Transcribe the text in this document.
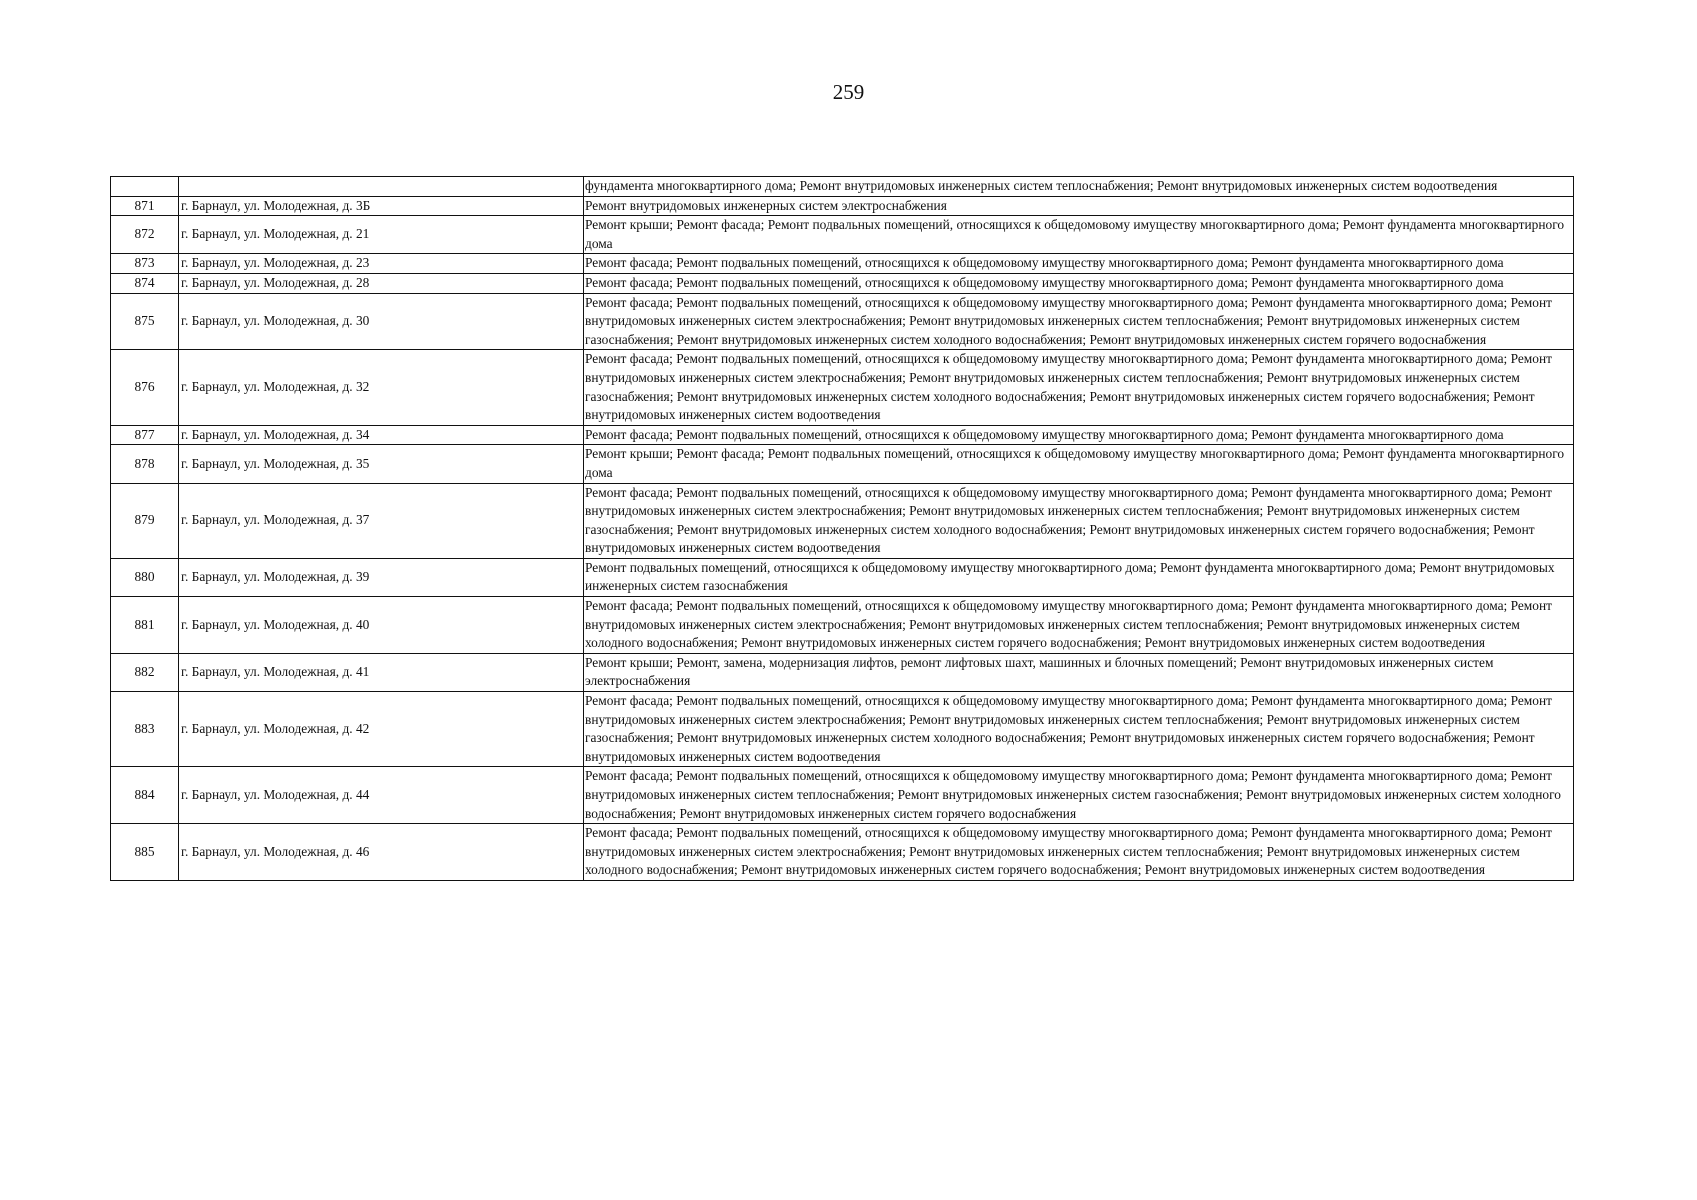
259
		фундамента многоквартирного дома; Ремонт внутридомовых инженерных систем теплоснабжения; Ремонт внутридомовых инженерных систем водоотведения
871	г. Барнаул, ул. Молодежная, д. 3Б	Ремонт внутридомовых инженерных систем электроснабжения
872	г. Барнаул, ул. Молодежная, д. 21	Ремонт крыши; Ремонт фасада; Ремонт подвальных помещений, относящихся к общедомовому имуществу многоквартирного дома; Ремонт фундамента многоквартирного дома
873	г. Барнаул, ул. Молодежная, д. 23	Ремонт фасада; Ремонт подвальных помещений, относящихся к общедомовому имуществу многоквартирного дома; Ремонт фундамента многоквартирного дома
874	г. Барнаул, ул. Молодежная, д. 28	Ремонт фасада; Ремонт подвальных помещений, относящихся к общедомовому имуществу многоквартирного дома; Ремонт фундамента многоквартирного дома
875	г. Барнаул, ул. Молодежная, д. 30	Ремонт фасада; Ремонт подвальных помещений, относящихся к общедомовому имуществу многоквартирного дома; Ремонт фундамента многоквартирного дома; Ремонт внутридомовых инженерных систем электроснабжения; Ремонт внутридомовых инженерных систем теплоснабжения; Ремонт внутридомовых инженерных систем газоснабжения; Ремонт внутридомовых инженерных систем холодного водоснабжения; Ремонт внутридомовых инженерных систем горячего водоснабжения
876	г. Барнаул, ул. Молодежная, д. 32	Ремонт фасада; Ремонт подвальных помещений, относящихся к общедомовому имуществу многоквартирного дома; Ремонт фундамента многоквартирного дома; Ремонт внутридомовых инженерных систем электроснабжения; Ремонт внутридомовых инженерных систем теплоснабжения; Ремонт внутридомовых инженерных систем газоснабжения; Ремонт внутридомовых инженерных систем холодного водоснабжения; Ремонт внутридомовых инженерных систем горячего водоснабжения; Ремонт внутридомовых инженерных систем водоотведения
877	г. Барнаул, ул. Молодежная, д. 34	Ремонт фасада; Ремонт подвальных помещений, относящихся к общедомовому имуществу многоквартирного дома; Ремонт фундамента многоквартирного дома
878	г. Барнаул, ул. Молодежная, д. 35	Ремонт крыши; Ремонт фасада; Ремонт подвальных помещений, относящихся к общедомовому имуществу многоквартирного дома; Ремонт фундамента многоквартирного дома
879	г. Барнаул, ул. Молодежная, д. 37	Ремонт фасада; Ремонт подвальных помещений, относящихся к общедомовому имуществу многоквартирного дома; Ремонт фундамента многоквартирного дома; Ремонт внутридомовых инженерных систем электроснабжения; Ремонт внутридомовых инженерных систем теплоснабжения; Ремонт внутридомовых инженерных систем газоснабжения; Ремонт внутридомовых инженерных систем холодного водоснабжения; Ремонт внутридомовых инженерных систем горячего водоснабжения; Ремонт внутридомовых инженерных систем водоотведения
880	г. Барнаул, ул. Молодежная, д. 39	Ремонт подвальных помещений, относящихся к общедомовому имуществу многоквартирного дома; Ремонт фундамента многоквартирного дома; Ремонт внутридомовых инженерных систем газоснабжения
881	г. Барнаул, ул. Молодежная, д. 40	Ремонт фасада; Ремонт подвальных помещений, относящихся к общедомовому имуществу многоквартирного дома; Ремонт фундамента многоквартирного дома; Ремонт внутридомовых инженерных систем электроснабжения; Ремонт внутридомовых инженерных систем теплоснабжения; Ремонт внутридомовых инженерных систем холодного водоснабжения; Ремонт внутридомовых инженерных систем горячего водоснабжения; Ремонт внутридомовых инженерных систем водоотведения
882	г. Барнаул, ул. Молодежная, д. 41	Ремонт крыши; Ремонт, замена, модернизация лифтов, ремонт лифтовых шахт, машинных и блочных помещений; Ремонт внутридомовых инженерных систем электроснабжения
883	г. Барнаул, ул. Молодежная, д. 42	Ремонт фасада; Ремонт подвальных помещений, относящихся к общедомовому имуществу многоквартирного дома; Ремонт фундамента многоквартирного дома; Ремонт внутридомовых инженерных систем электроснабжения; Ремонт внутридомовых инженерных систем теплоснабжения; Ремонт внутридомовых инженерных систем газоснабжения; Ремонт внутридомовых инженерных систем холодного водоснабжения; Ремонт внутридомовых инженерных систем горячего водоснабжения; Ремонт внутридомовых инженерных систем водоотведения
884	г. Барнаул, ул. Молодежная, д. 44	Ремонт фасада; Ремонт подвальных помещений, относящихся к общедомовому имуществу многоквартирного дома; Ремонт фундамента многоквартирного дома; Ремонт внутридомовых инженерных систем теплоснабжения; Ремонт внутридомовых инженерных систем газоснабжения; Ремонт внутридомовых инженерных систем холодного водоснабжения; Ремонт внутридомовых инженерных систем горячего водоснабжения
885	г. Барнаул, ул. Молодежная, д. 46	Ремонт фасада; Ремонт подвальных помещений, относящихся к общедомовому имуществу многоквартирного дома; Ремонт фундамента многоквартирного дома; Ремонт внутридомовых инженерных систем электроснабжения; Ремонт внутридомовых инженерных систем теплоснабжения; Ремонт внутридомовых инженерных систем холодного водоснабжения; Ремонт внутридомовых инженерных систем горячего водоснабжения; Ремонт внутридомовых инженерных систем водоотведения
